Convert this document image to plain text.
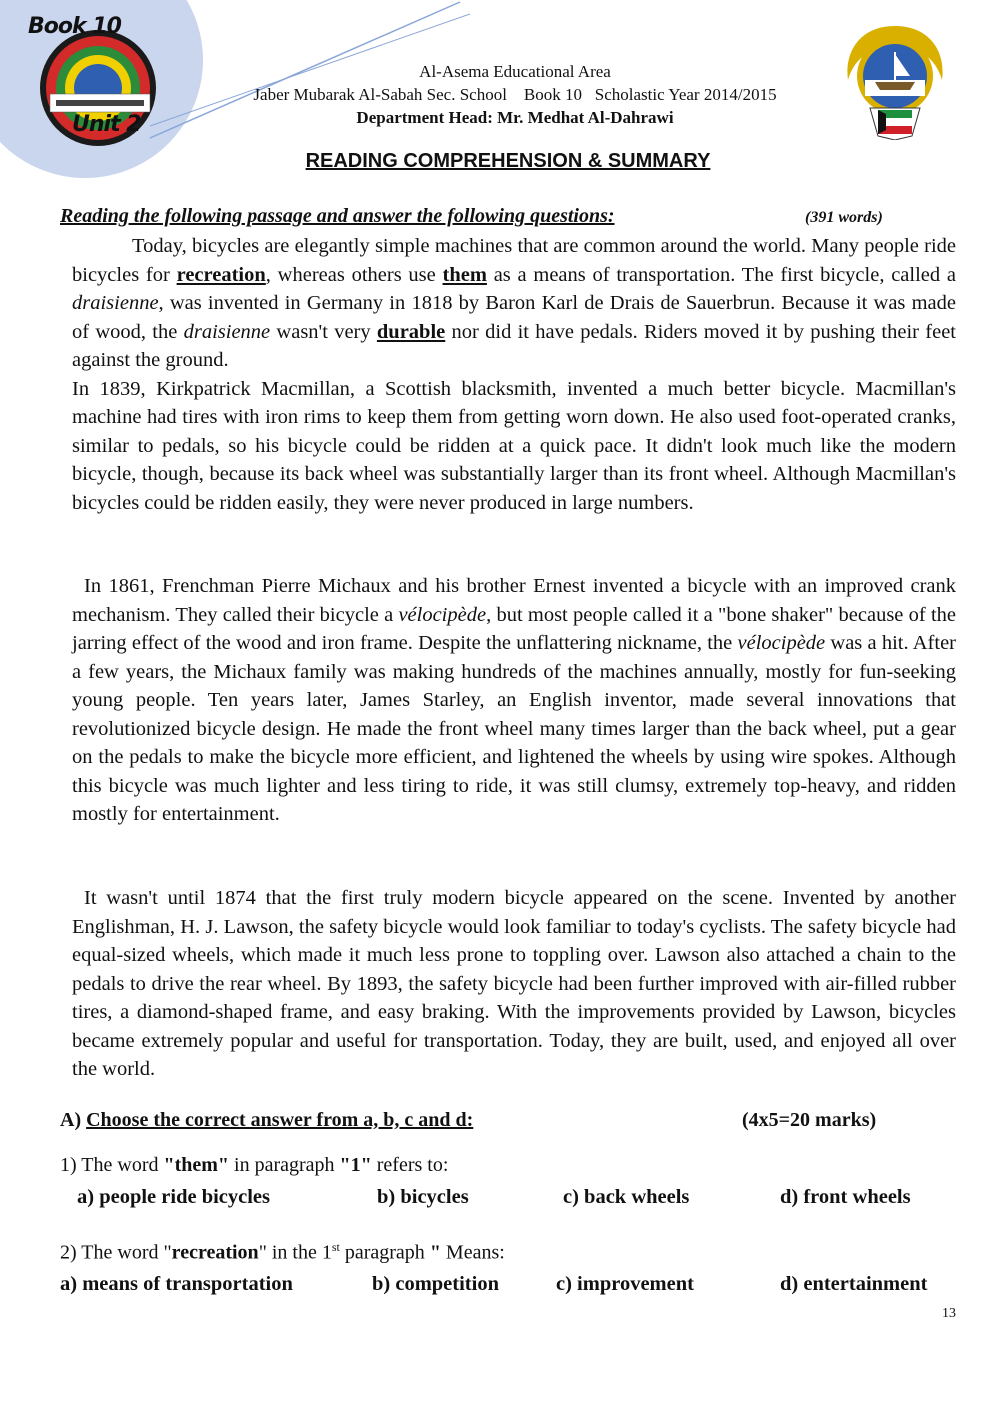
Book 10
Unit 2
Al-Asema Educational Area
Jaber Mubarak Al-Sabah Sec. School    Book 10   Scholastic Year 2014/2015
Department Head: Mr. Medhat Al-Dahrawi
READING COMPREHENSION & SUMMARY
Reading the following passage and answer the following questions:	(391 words)

Today, bicycles are elegantly simple machines that are common around the world. Many people ride bicycles for recreation, whereas others use them as a means of transportation. The first bicycle, called a draisienne, was invented in Germany in 1818 by Baron Karl de Drais de Sauerbrun. Because it was made of wood, the draisienne wasn't very durable nor did it have pedals. Riders moved it by pushing their feet against the ground.

In 1839, Kirkpatrick Macmillan, a Scottish blacksmith, invented a much better bicycle. Macmillan's machine had tires with iron rims to keep them from getting worn down. He also used foot-operated cranks, similar to pedals, so his bicycle could be ridden at a quick pace. It didn't look much like the modern bicycle, though, because its back wheel was substantially larger than its front wheel. Although Macmillan's bicycles could be ridden easily, they were never produced in large numbers.

In 1861, Frenchman Pierre Michaux and his brother Ernest invented a bicycle with an improved crank mechanism. They called their bicycle a vélocipède, but most people called it a "bone shaker" because of the jarring effect of the wood and iron frame. Despite the unflattering nickname, the vélocipède was a hit. After a few years, the Michaux family was making hundreds of the machines annually, mostly for fun-seeking young people. Ten years later, James Starley, an English inventor, made several innovations that revolutionized bicycle design. He made the front wheel many times larger than the back wheel, put a gear on the pedals to make the bicycle more efficient, and lightened the wheels by using wire spokes. Although this bicycle was much lighter and less tiring to ride, it was still clumsy, extremely top-heavy, and ridden mostly for entertainment.

It wasn't until 1874 that the first truly modern bicycle appeared on the scene. Invented by another Englishman, H. J. Lawson, the safety bicycle would look familiar to today's cyclists. The safety bicycle had equal-sized wheels, which made it much less prone to toppling over. Lawson also attached a chain to the pedals to drive the rear wheel. By 1893, the safety bicycle had been further improved with air-filled rubber tires, a diamond-shaped frame, and easy braking. With the improvements provided by Lawson, bicycles became extremely popular and useful for transportation. Today, they are built, used, and enjoyed all over the world.

A) Choose the correct answer from a, b, c and d:	(4x5=20 marks)
1) The word "them" in paragraph "1" refers to:
a) people ride bicycles	b) bicycles	c) back wheels	d) front wheels
2) The word "recreation" in the 1st paragraph " Means:
a) means of transportation	b) competition	c) improvement	d) entertainment
13
